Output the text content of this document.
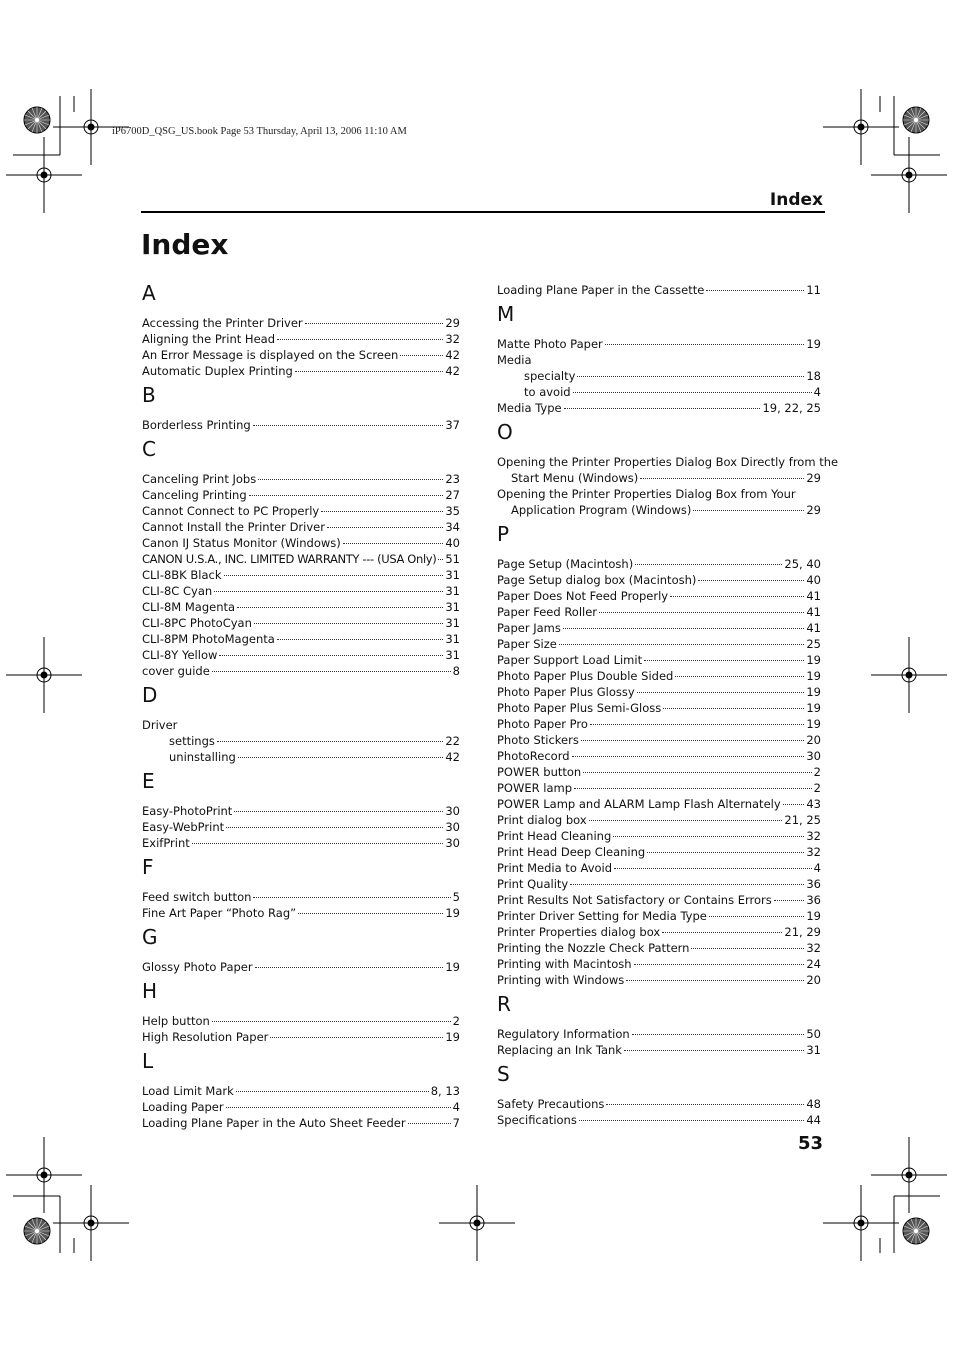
iP6700D_QSG_US.book Page 53 Thursday, April 13, 2006 11:10 AM
Index
Index
A
Accessing the Printer Driver	29
Aligning the Print Head	32
An Error Message is displayed on the Screen	42
Automatic Duplex Printing	42
B
Borderless Printing	37
C
Canceling Print Jobs	23
Canceling Printing	27
Cannot Connect to PC Properly	35
Cannot Install the Printer Driver	34
Canon IJ Status Monitor (Windows)	40
CANON U.S.A., INC. LIMITED WARRANTY --- (USA Only) 51
CLI-8BK Black	31
CLI-8C Cyan	31
CLI-8M Magenta	31
CLI-8PC PhotoCyan	31
CLI-8PM PhotoMagenta	31
CLI-8Y Yellow	31
cover guide	8
D
Driver
settings	22
uninstalling	42
E
Easy-PhotoPrint	30
Easy-WebPrint	30
ExifPrint	30
F
Feed switch button	5
Fine Art Paper “Photo Rag”	19
G
Glossy Photo Paper	19
H
Help button	2
High Resolution Paper	19
L
Load Limit Mark	8, 13
Loading Paper	4
Loading Plane Paper in the Auto Sheet Feeder	7
Loading Plane Paper in the Cassette	11
M
Matte Photo Paper	19
Media
specialty	18
to avoid	4
Media Type	19, 22, 25
O
Opening the Printer Properties Dialog Box Directly from the
Start Menu (Windows)	29
Opening the Printer Properties Dialog Box from Your
Application Program (Windows)	29
P
Page Setup (Macintosh)	25, 40
Page Setup dialog box (Macintosh)	40
Paper Does Not Feed Properly	41
Paper Feed Roller	41
Paper Jams	41
Paper Size	25
Paper Support Load Limit	19
Photo Paper Plus Double Sided	19
Photo Paper Plus Glossy	19
Photo Paper Plus Semi-Gloss	19
Photo Paper Pro	19
Photo Stickers	20
PhotoRecord	30
POWER button	2
POWER lamp	2
POWER Lamp and ALARM Lamp Flash Alternately 43
Print dialog box	21, 25
Print Head Cleaning	32
Print Head Deep Cleaning	32
Print Media to Avoid	4
Print Quality	36
Print Results Not Satisfactory or Contains Errors	36
Printer Driver Setting for Media Type	19
Printer Properties dialog box	21, 29
Printing the Nozzle Check Pattern	32
Printing with Macintosh	24
Printing with Windows	20
R
Regulatory Information	50
Replacing an Ink Tank	31
S
Safety Precautions	48
Specifications	44
53
